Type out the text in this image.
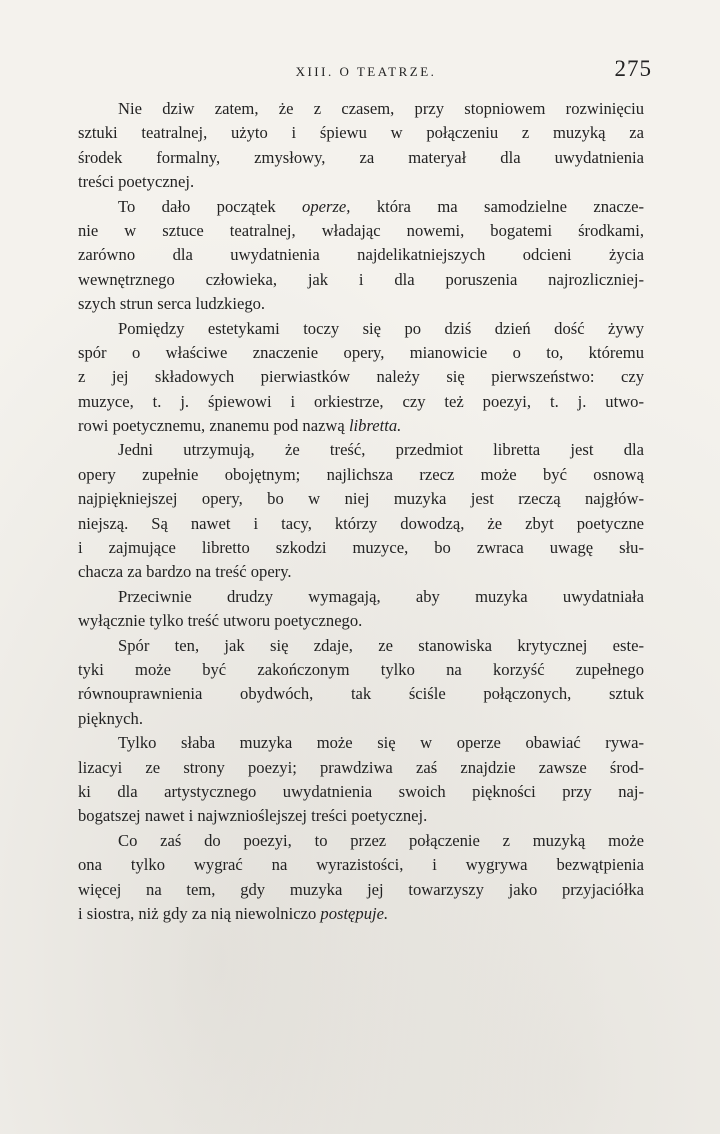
XIII. O TEATRZE.	275
Nie dziw zatem, że z czasem, przy stopniowem rozwinięciu
sztuki teatralnej, użyto i śpiewu w połączeniu z muzyką za
środek formalny, zmysłowy, za materyał dla uwydatnienia
treści poetycznej.
To dało początek operze, która ma samodzielne znacze-
nie w sztuce teatralnej, władając nowemi, bogatemi środkami,
zarówno dla uwydatnienia najdelikatniejszych odcieni życia
wewnętrznego człowieka, jak i dla poruszenia najrozliczniej-
szych strun serca ludzkiego.
Pomiędzy estetykami toczy się po dziś dzień dość żywy
spór o właściwe znaczenie opery, mianowicie o to, któremu
z jej składowych pierwiastków należy się pierwszeństwo: czy
muzyce, t. j. śpiewowi i orkiestrze, czy też poezyi, t. j. utwo-
rowi poetycznemu, znanemu pod nazwą libretta.
Jedni utrzymują, że treść, przedmiot libretta jest dla
opery zupełnie obojętnym; najlichsza rzecz może być osnową
najpiękniejszej opery, bo w niej muzyka jest rzeczą najgłów-
niejszą. Są nawet i tacy, którzy dowodzą, że zbyt poetyczne
i zajmujące libretto szkodzi muzyce, bo zwraca uwagę słu-
chacza za bardzo na treść opery.
Przeciwnie drudzy wymagają, aby muzyka uwydatniała
wyłącznie tylko treść utworu poetycznego.
Spór ten, jak się zdaje, ze stanowiska krytycznej este-
tyki może być zakończonym tylko na korzyść zupełnego
równouprawnienia obydwóch, tak ściśle połączonych, sztuk
pięknych.
Tylko słaba muzyka może się w operze obawiać rywa-
lizacyi ze strony poezyi; prawdziwa zaś znajdzie zawsze środ-
ki dla artystycznego uwydatnienia swoich piękności przy naj-
bogatszej nawet i najwznioślejszej treści poetycznej.
Co zaś do poezyi, to przez połączenie z muzyką może
ona tylko wygrać na wyrazistości, i wygrywa bezwątpienia
więcej na tem, gdy muzyka jej towarzyszy jako przyjaciółka
i siostra, niż gdy za nią niewolniczo postępuje.
